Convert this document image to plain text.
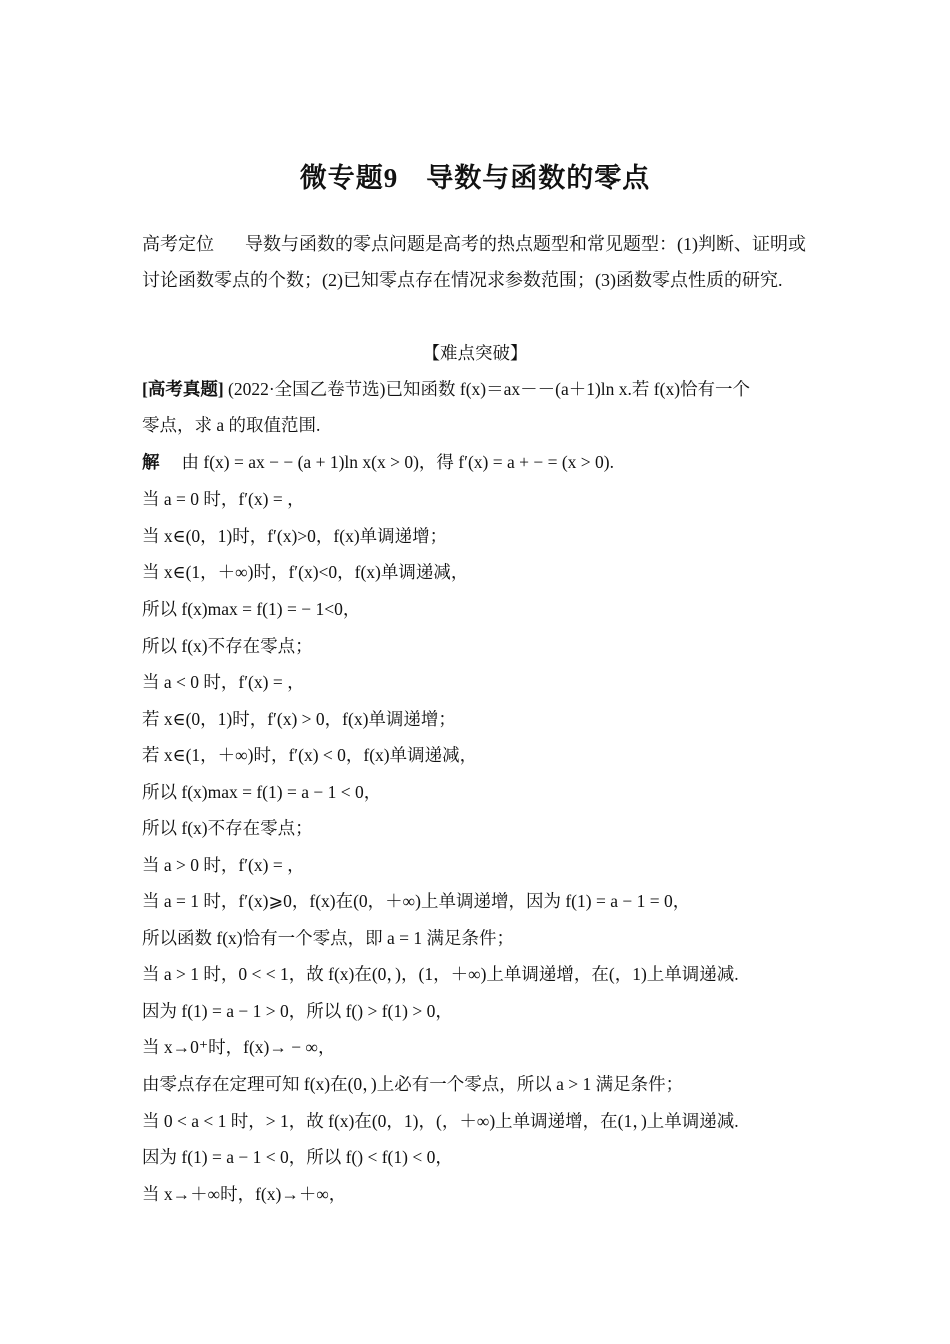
微专题9　导数与函数的零点
高考定位 导数与函数的零点问题是高考的热点题型和常见题型：(1)判断、证明或讨论函数零点的个数；(2)已知零点存在情况求参数范围；(3)函数零点性质的研究.
【难点突破】
[高考真题] (2022·全国乙卷节选)已知函数 f(x)＝ax－－(a＋1)ln x.若 f(x)恰有一个
零点，求 a 的取值范围.
解 由 f(x) = ax − − (a + 1)ln x(x > 0)，得 f′(x) = a + − = (x > 0).
当 a = 0 时，f′(x) = ，
当 x∈(0，1)时，f′(x)>0，f(x)单调递增；
当 x∈(1，＋∞)时，f′(x)<0，f(x)单调递减，
所以 f(x)max = f(1) = − 1<0，
所以 f(x)不存在零点；
当 a < 0 时，f′(x) = ，
若 x∈(0，1)时，f′(x) > 0，f(x)单调递增；
若 x∈(1，＋∞)时，f′(x) < 0，f(x)单调递减，
所以 f(x)max = f(1) = a − 1 < 0，
所以 f(x)不存在零点；
当 a > 0 时，f′(x) = ，
当 a = 1 时，f′(x)⩾0，f(x)在(0，＋∞)上单调递增，因为 f(1) = a − 1 = 0，
所以函数 f(x)恰有一个零点，即 a = 1 满足条件；
当 a > 1 时，0 < < 1，故 f(x)在(0，)，(1，＋∞)上单调递增，在(，1)上单调递减.
因为 f(1) = a − 1 > 0，所以 f() > f(1) > 0，
当 x→0⁺时，f(x)→ − ∞，
由零点存在定理可知 f(x)在(0，)上必有一个零点，所以 a > 1 满足条件；
当 0 < a < 1 时，> 1，故 f(x)在(0，1)，(，＋∞)上单调递增，在(1，)上单调递减.
因为 f(1) = a − 1 < 0，所以 f() < f(1) < 0，
当 x→＋∞时，f(x)→＋∞，
